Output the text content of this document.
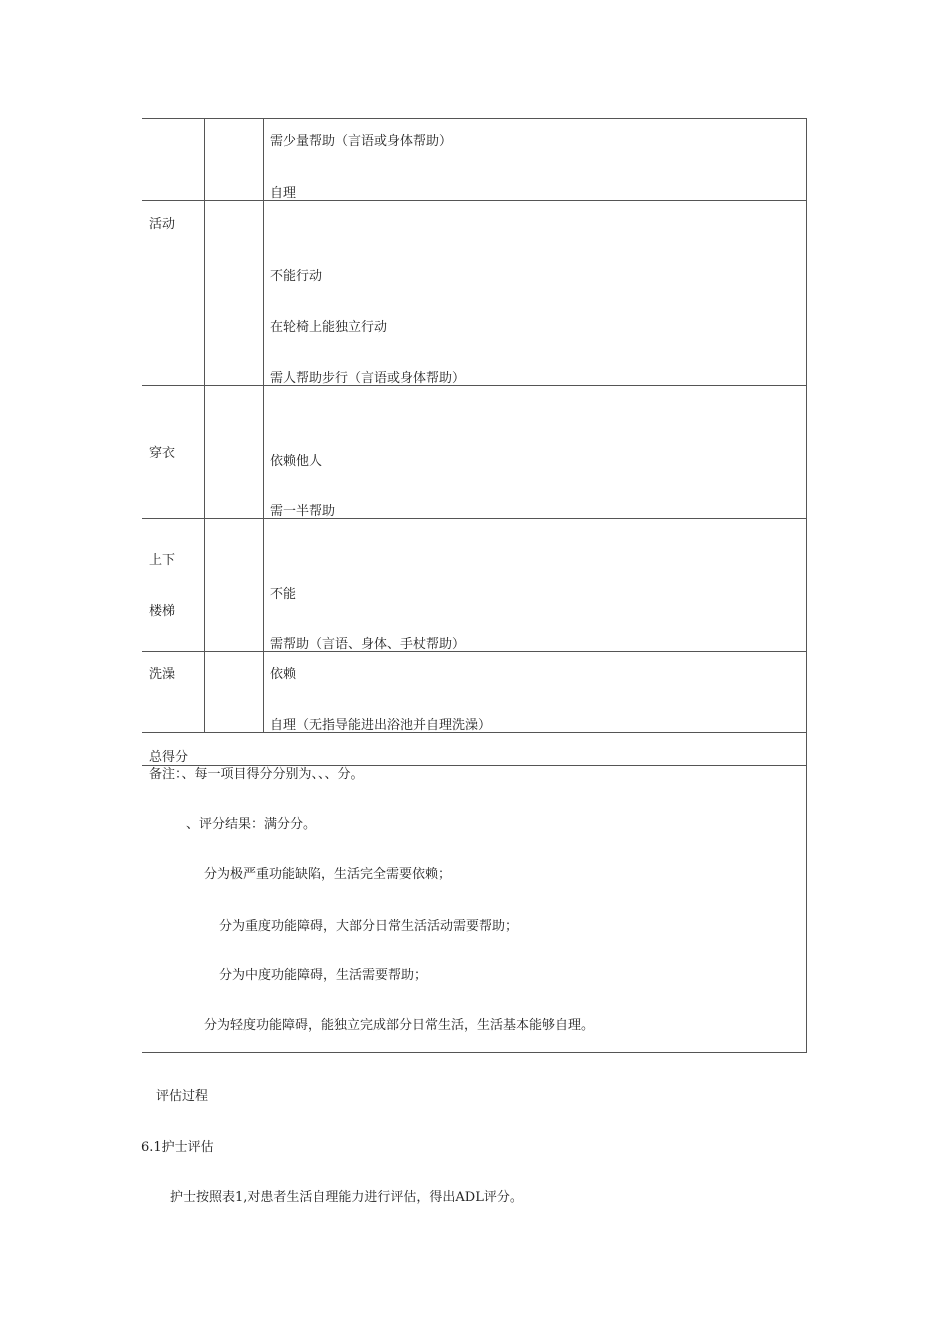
需少量帮助（言语或身体帮助）
自理
活动
不能行动
在轮椅上能独立行动
需人帮助步行（言语或身体帮助）
穿衣
依赖他人
需一半帮助
上下
楼梯
不能
需帮助（言语、身体、手杖帮助）
洗澡	依赖
自理（无指导能进出浴池并自理洗澡）
总得分
备注：、每一项目得分分别为、、、分。
、评分结果：满分分。
分为极严重功能缺陷，生活完全需要依赖；
分为重度功能障碍，大部分日常生活活动需要帮助；
分为中度功能障碍，生活需要帮助；
分为轻度功能障碍，能独立完成部分日常生活，生活基本能够自理。
评估过程
6.1护士评估
护士按照表1,对患者生活自理能力进行评估，得出ADL评分。
